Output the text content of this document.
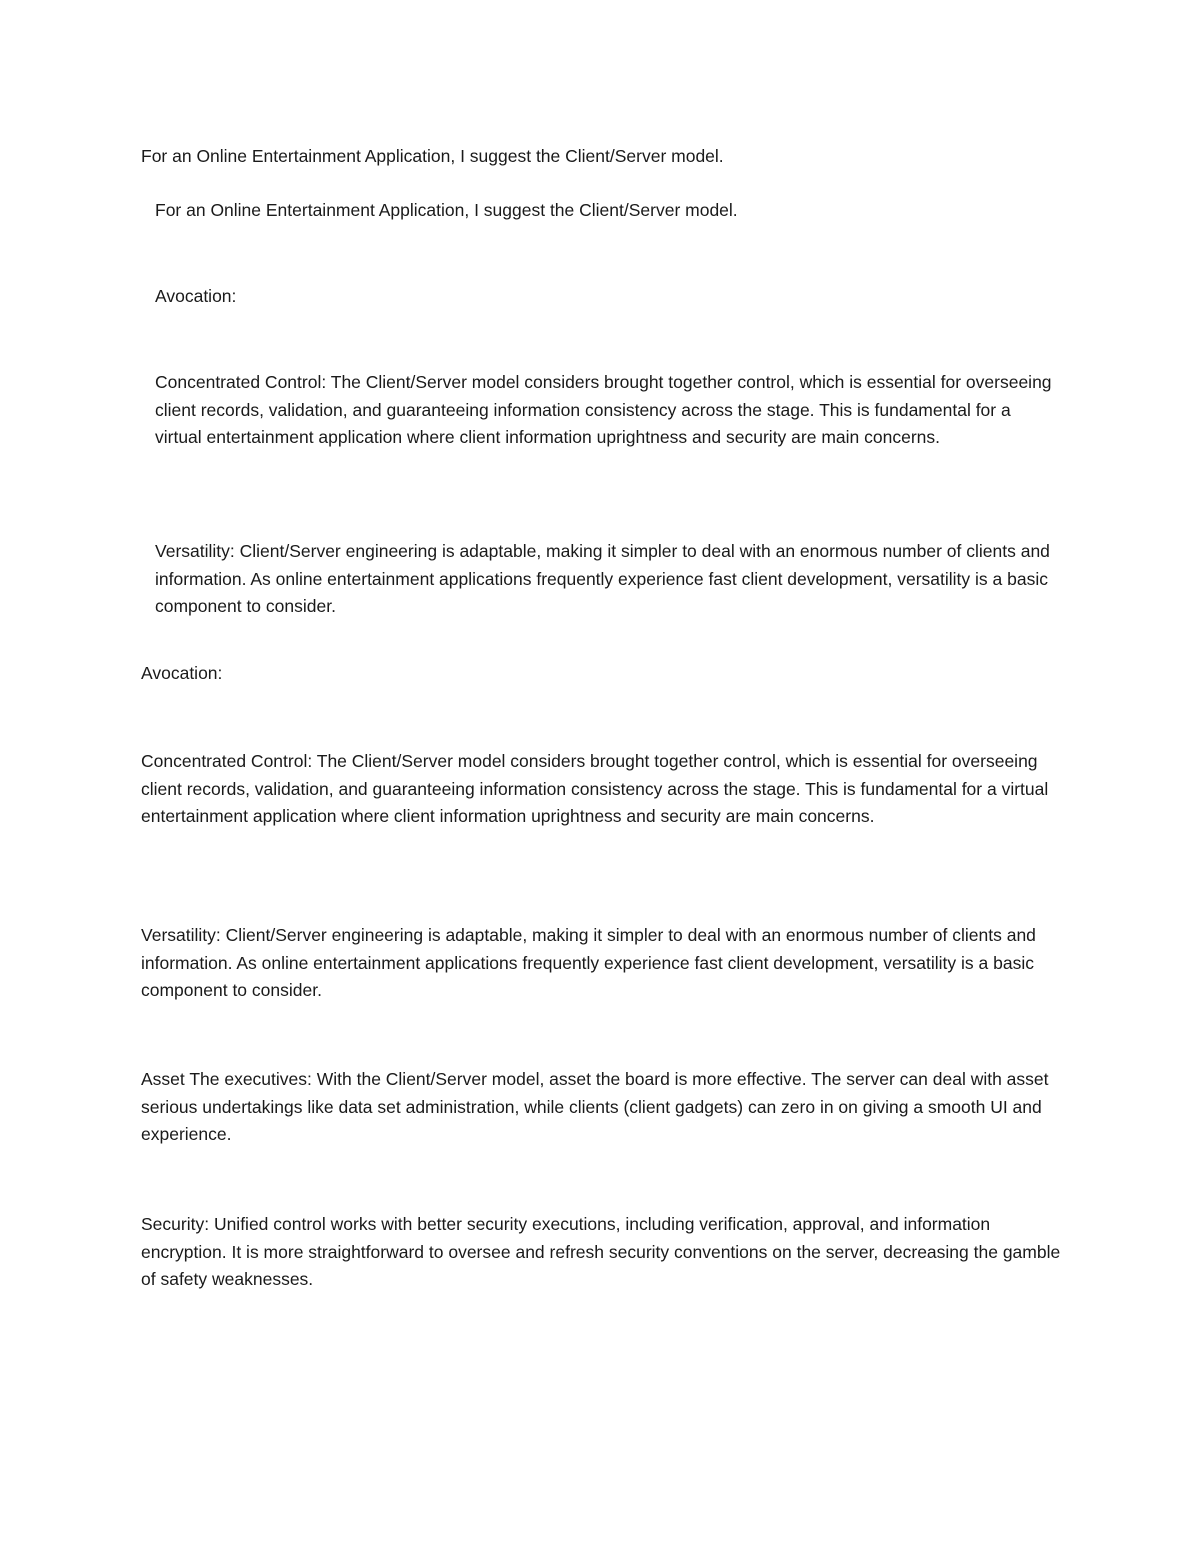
For an Online Entertainment Application, I suggest the Client/Server model.

For an Online Entertainment Application, I suggest the Client/Server model.

Avocation:

Concentrated Control: The Client/Server model considers brought together control, which is essential for overseeing client records, validation, and guaranteeing information consistency across the stage. This is fundamental for a virtual entertainment application where client information uprightness and security are main concerns.

Versatility: Client/Server engineering is adaptable, making it simpler to deal with an enormous number of clients and information. As online entertainment applications frequently experience fast client development, versatility is a basic component to consider.

Avocation:

Concentrated Control: The Client/Server model considers brought together control, which is essential for overseeing client records, validation, and guaranteeing information consistency across the stage. This is fundamental for a virtual entertainment application where client information uprightness and security are main concerns.

Versatility: Client/Server engineering is adaptable, making it simpler to deal with an enormous number of clients and information. As online entertainment applications frequently experience fast client development, versatility is a basic component to consider.

Asset The executives: With the Client/Server model, asset the board is more effective. The server can deal with asset serious undertakings like data set administration, while clients (client gadgets) can zero in on giving a smooth UI and experience.

Security: Unified control works with better security executions, including verification, approval, and information encryption. It is more straightforward to oversee and refresh security conventions on the server, decreasing the gamble of safety weaknesses.
